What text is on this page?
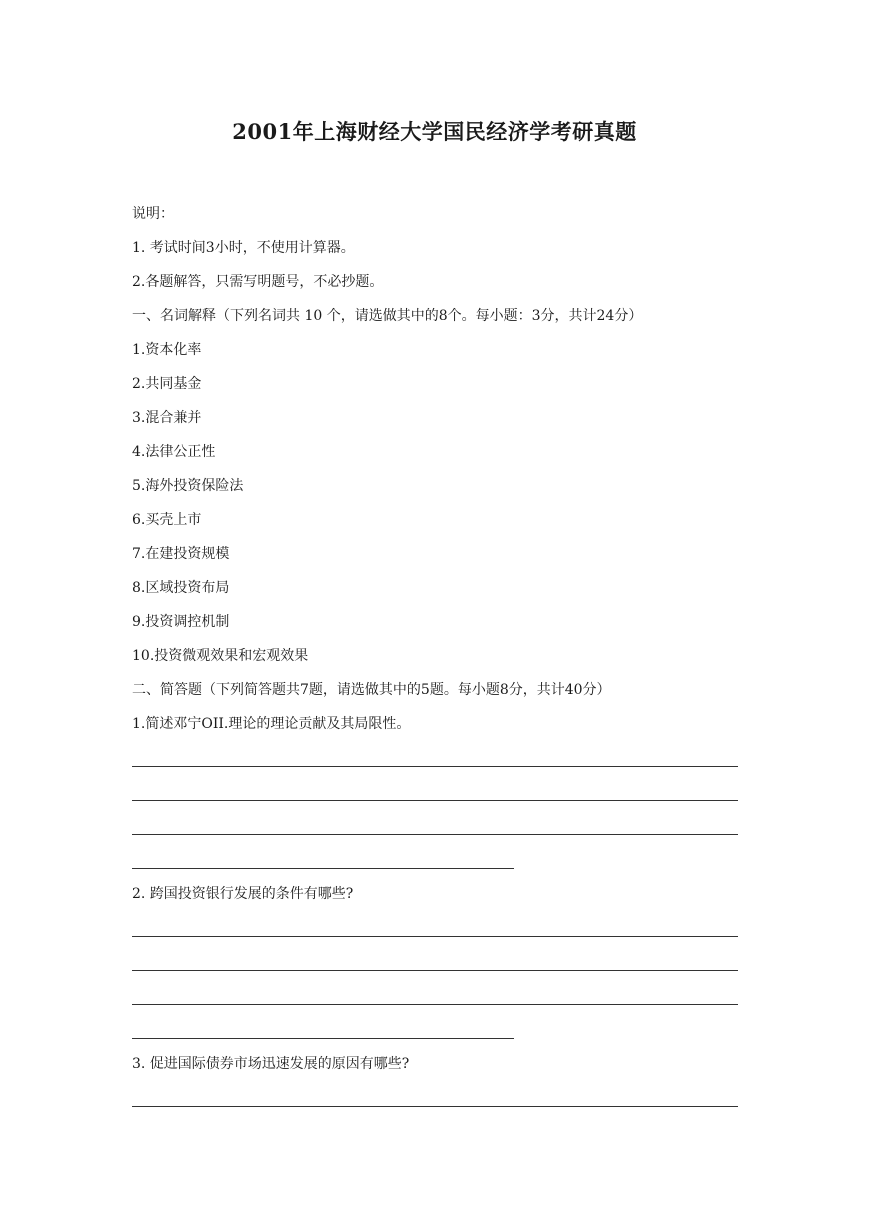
2001年上海财经大学国民经济学考研真题
说明：
1. 考试时间3小时，不使用计算器。
2.各题解答，只需写明题号，不必抄题。
一、名词解释（下列名词共 10 个，请选做其中的8个。每小题：3分，共计24分）
1.资本化率
2.共同基金
3.混合兼并
4.法律公正性
5.海外投资保险法
6.买壳上市
7.在建投资规模
8.区域投资布局
9.投资调控机制
10.投资微观效果和宏观效果
二、简答题（下列简答题共7题，请选做其中的5题。每小题8分，共计40分）
1.简述邓宁OII.理论的理论贡献及其局限性。
2. 跨国投资银行发展的条件有哪些?
3. 促进国际债券市场迅速发展的原因有哪些?
